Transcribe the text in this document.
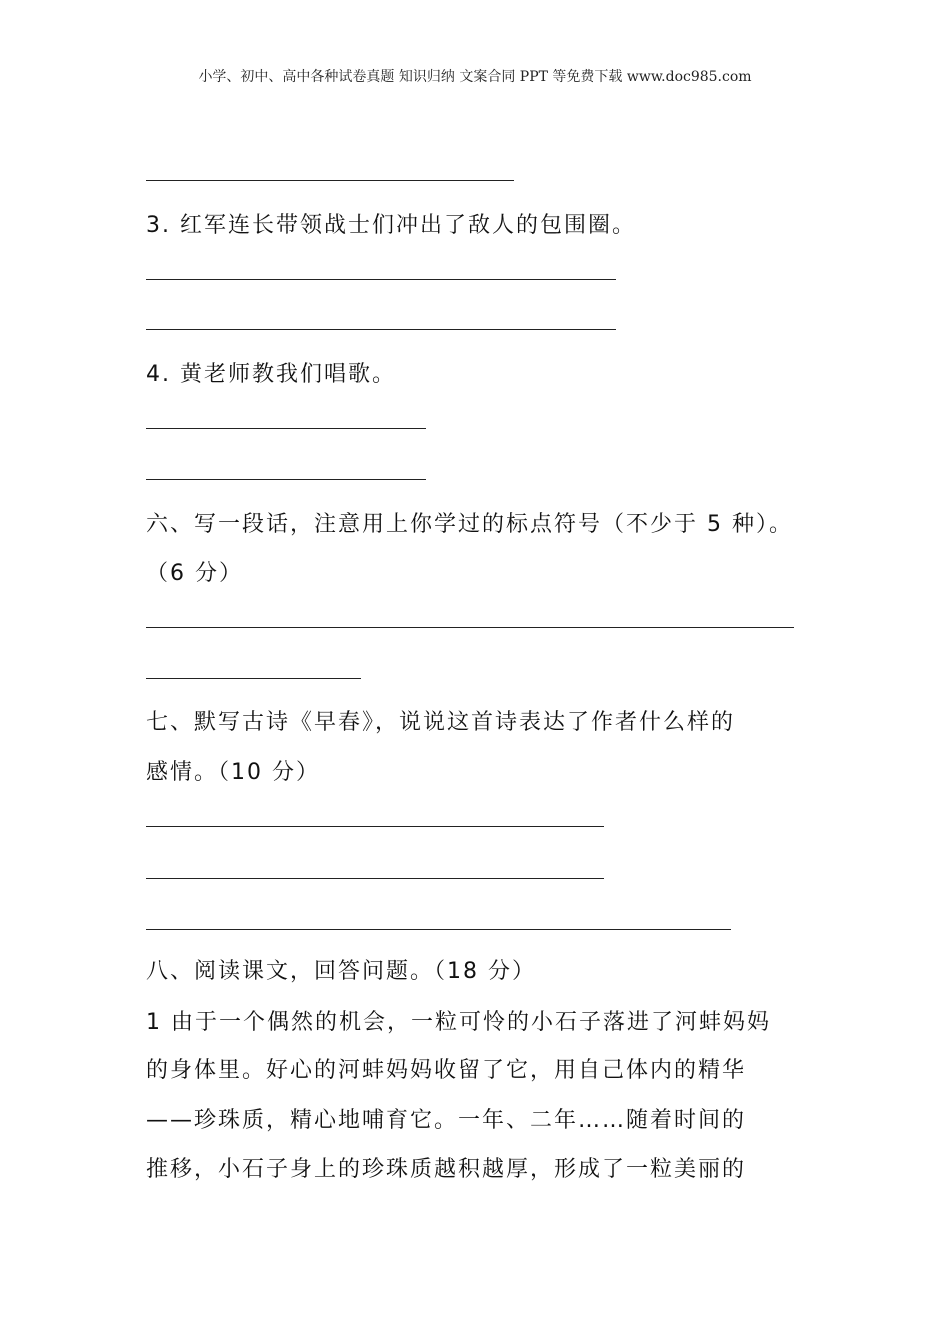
小学、初中、高中各种试卷真题 知识归纳 文案合同 PPT 等免费下载 www.doc985.com
3. 红军连长带领战士们冲出了敌人的包围圈。
4. 黄老师教我们唱歌。
六、写一段话，注意用上你学过的标点符号（不少于 5 种）。
（6 分）
七、默写古诗《早春》，说说这首诗表达了作者什么样的
感情。（10 分）
八、阅读课文，回答问题。（18 分）
1 由于一个偶然的机会，一粒可怜的小石子落进了河蚌妈妈
的身体里。好心的河蚌妈妈收留了它，用自己体内的精华
——珍珠质，精心地哺育它。一年、二年……随着时间的
推移，小石子身上的珍珠质越积越厚，形成了一粒美丽的
